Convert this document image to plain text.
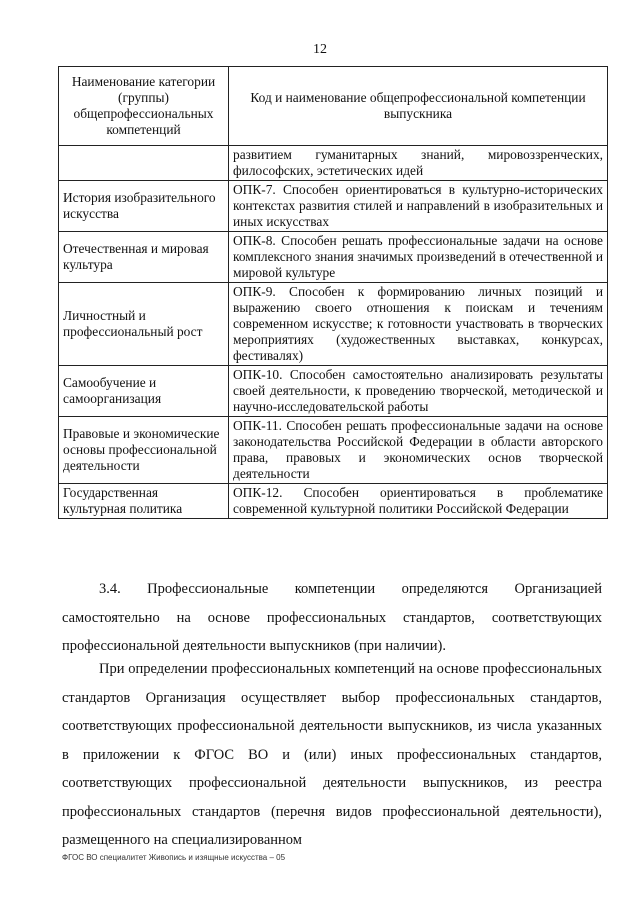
12
Наименование категории (группы) общепрофессиональных компетенций	Код и наименование общепрофессиональной компетенции выпускника
	развитием гуманитарных знаний, мировоззренческих, философских, эстетических идей
История изобразительного искусства	ОПК-7. Способен ориентироваться в культурно-исторических контекстах развития стилей и направлений в изобразительных и иных искусствах
Отечественная и мировая культура	ОПК-8. Способен решать профессиональные задачи на основе комплексного знания значимых произведений в отечественной и мировой культуре
Личностный и профессиональный рост	ОПК-9. Способен к формированию личных позиций и выражению своего отношения к поискам и течениям современном искусстве; к готовности участвовать в творческих мероприятиях (художественных выставках, конкурсах, фестивалях)
Самообучение и самоорганизация	ОПК-10. Способен самостоятельно анализировать результаты своей деятельности, к проведению творческой, методической и научно-исследовательской работы
Правовые и экономические основы профессиональной деятельности	ОПК-11. Способен решать профессиональные задачи на основе законодательства Российской Федерации в области авторского права, правовых и экономических основ творческой деятельности
Государственная культурная политика	ОПК-12. Способен ориентироваться в проблематике современной культурной политики Российской Федерации

3.4. Профессиональные компетенции определяются Организацией самостоятельно на основе профессиональных стандартов, соответствующих профессиональной деятельности выпускников (при наличии).

При определении профессиональных компетенций на основе профессиональных стандартов Организация осуществляет выбор профессиональных стандартов, соответствующих профессиональной деятельности выпускников, из числа указанных в приложении к ФГОС ВО и (или) иных профессиональных стандартов, соответствующих профессиональной деятельности выпускников, из реестра профессиональных стандартов (перечня видов профессиональной деятельности), размещенного на специализированном

ФГОС ВО специалитет Живопись и изящные искусства – 05
